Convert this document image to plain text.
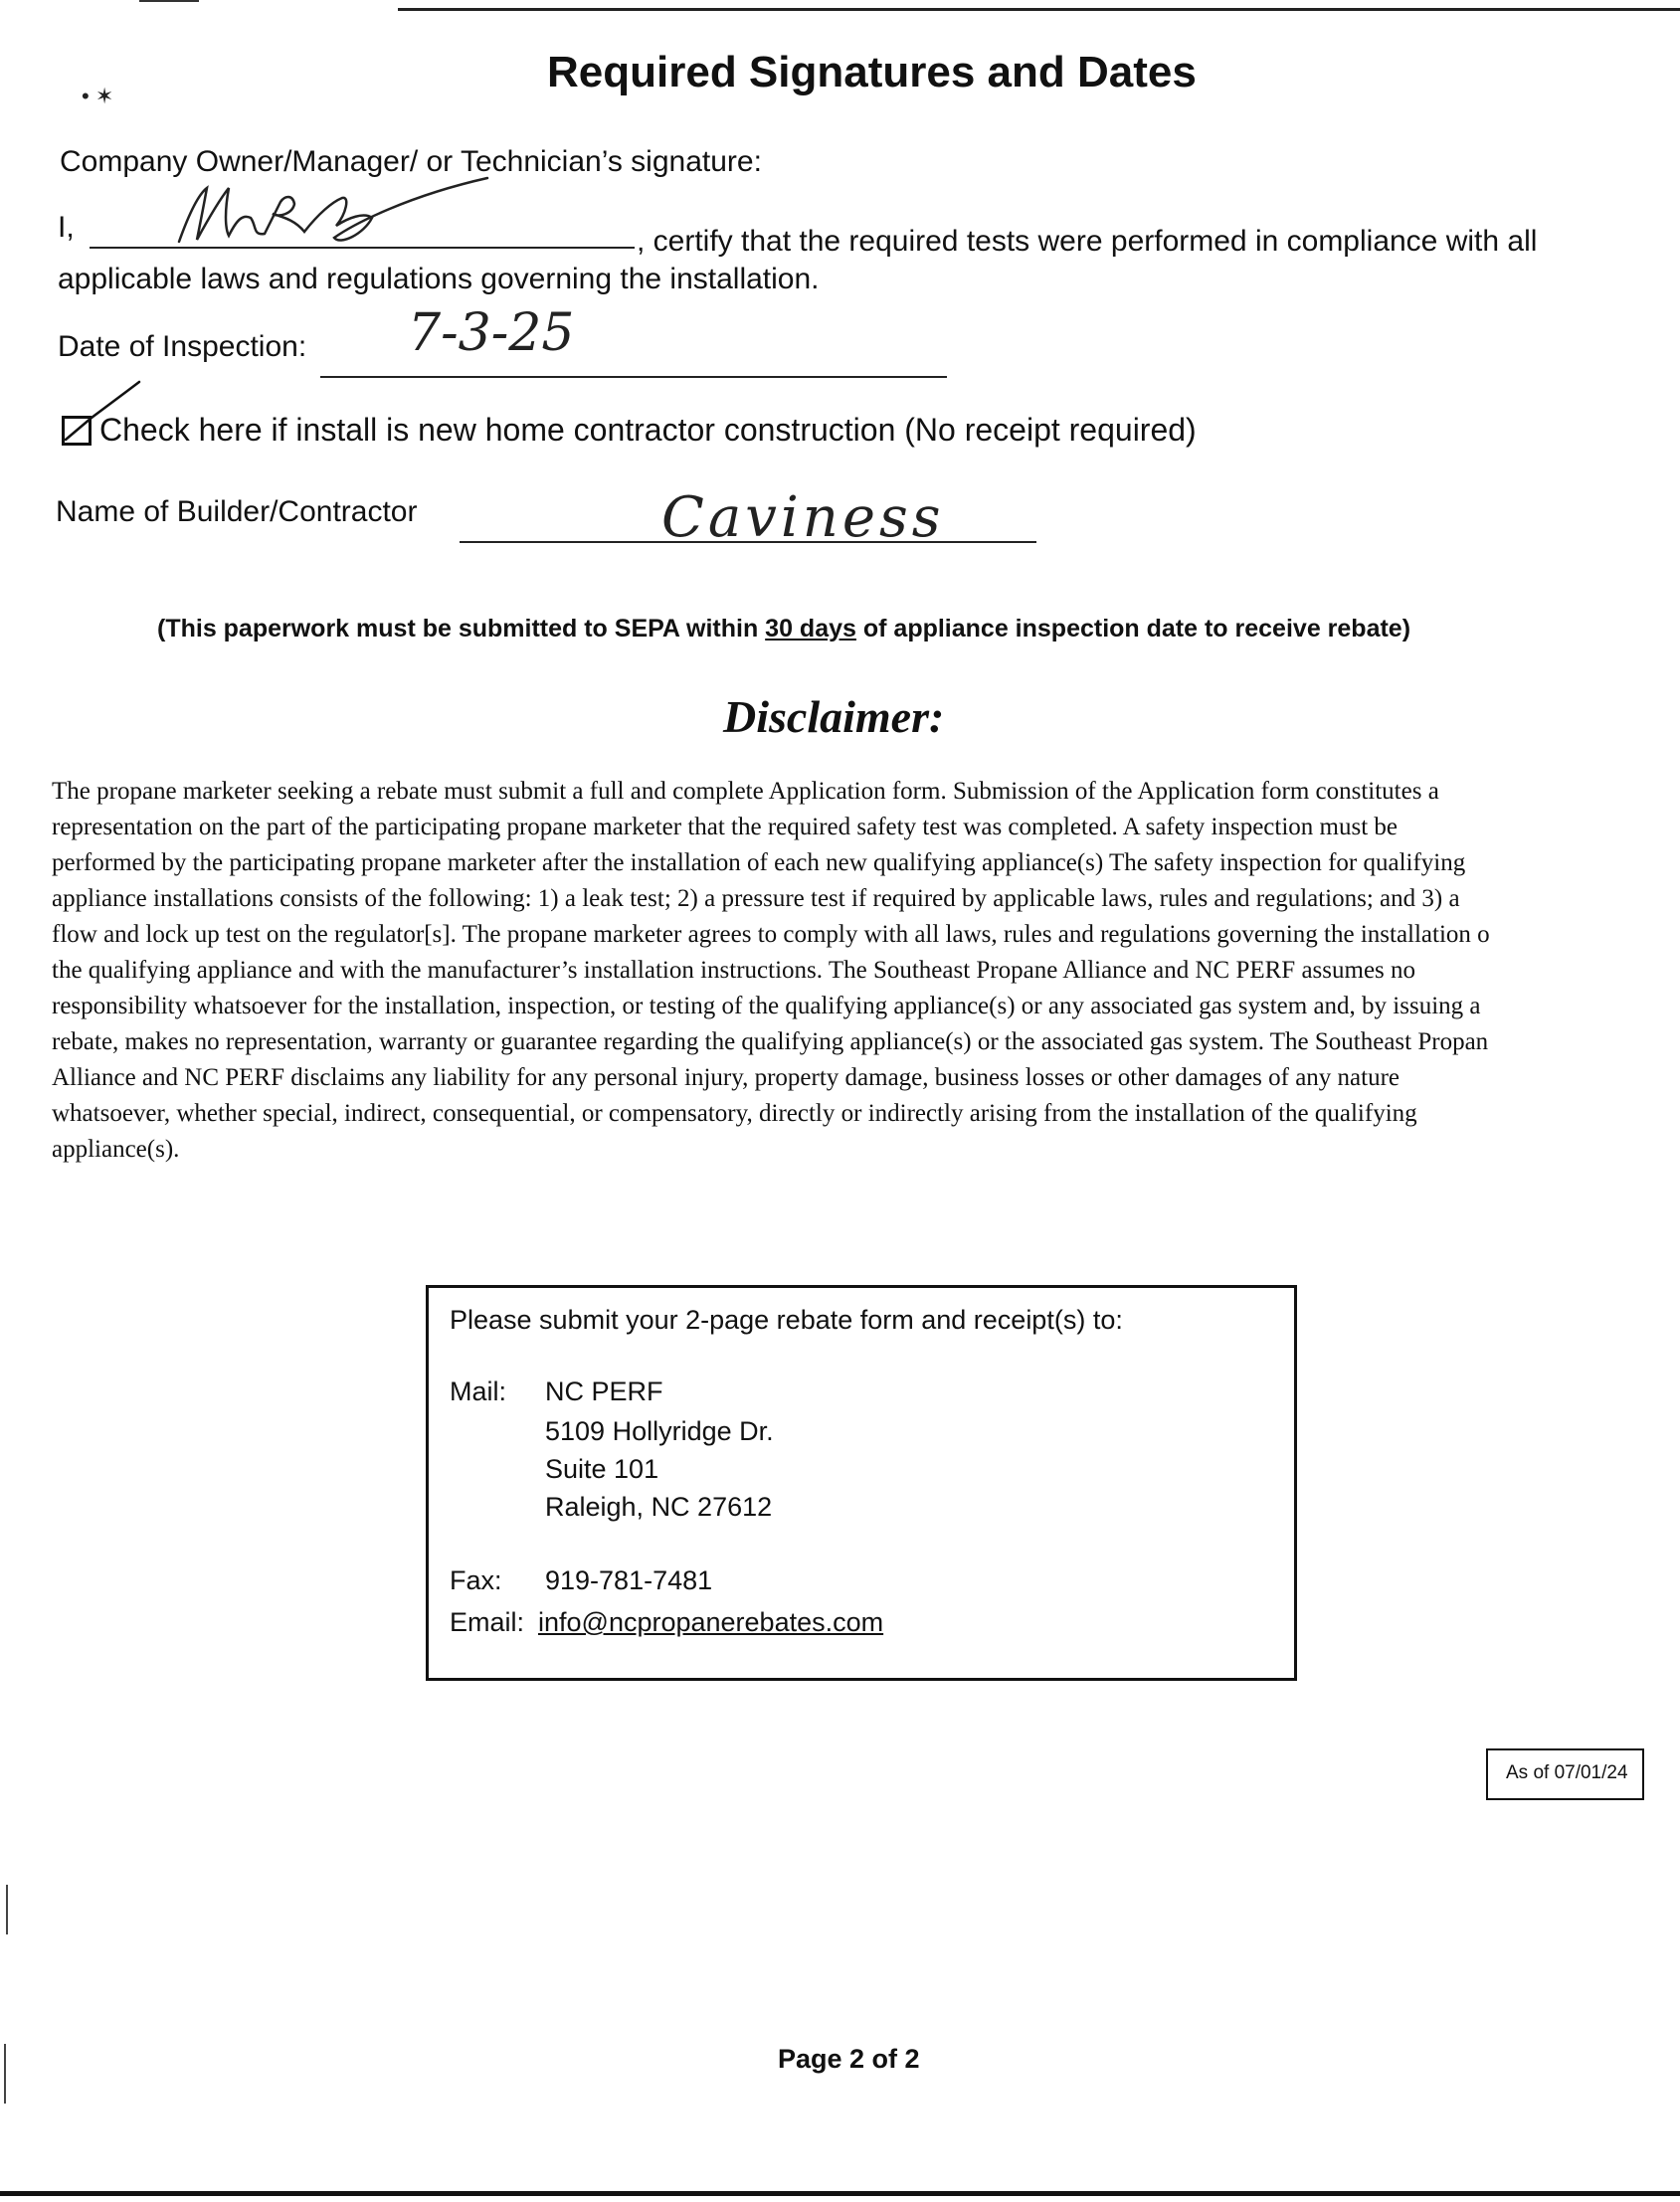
• ✶	Required Signatures and Dates
Company Owner/Manager/ or Technician’s signature:
I,	, certify that the required tests were performed in compliance with all
applicable laws and regulations governing the installation.
Date of Inspection: 7-3-25
Check here if install is new home contractor construction (No receipt required)
Name of Builder/Contractor	Caviness
(This paperwork must be submitted to SEPA within 30 days of appliance inspection date to receive rebate)
Disclaimer:
The propane marketer seeking a rebate must submit a full and complete Application form. Submission of the Application form constitutes a
representation on the part of the participating propane marketer that the required safety test was completed. A safety inspection must be
performed by the participating propane marketer after the installation of each new qualifying appliance(s) The safety inspection for qualifying
appliance installations consists of the following: 1) a leak test; 2) a pressure test if required by applicable laws, rules and regulations; and 3) a
flow and lock up test on the regulator[s]. The propane marketer agrees to comply with all laws, rules and regulations governing the installation o
the qualifying appliance and with the manufacturer’s installation instructions. The Southeast Propane Alliance and NC PERF assumes no
responsibility whatsoever for the installation, inspection, or testing of the qualifying appliance(s) or any associated gas system and, by issuing a
rebate, makes no representation, warranty or guarantee regarding the qualifying appliance(s) or the associated gas system. The Southeast Propan
Alliance and NC PERF disclaims any liability for any personal injury, property damage, business losses or other damages of any nature
whatsoever, whether special, indirect, consequential, or compensatory, directly or indirectly arising from the installation of the qualifying
appliance(s).
Please submit your 2-page rebate form and receipt(s) to:
Mail: NC PERF
5109 Hollyridge Dr.
Suite 101
Raleigh, NC 27612
Fax: 919-781-7481
Email: info@ncpropanerebates.com
As of 07/01/24
Page 2 of 2
